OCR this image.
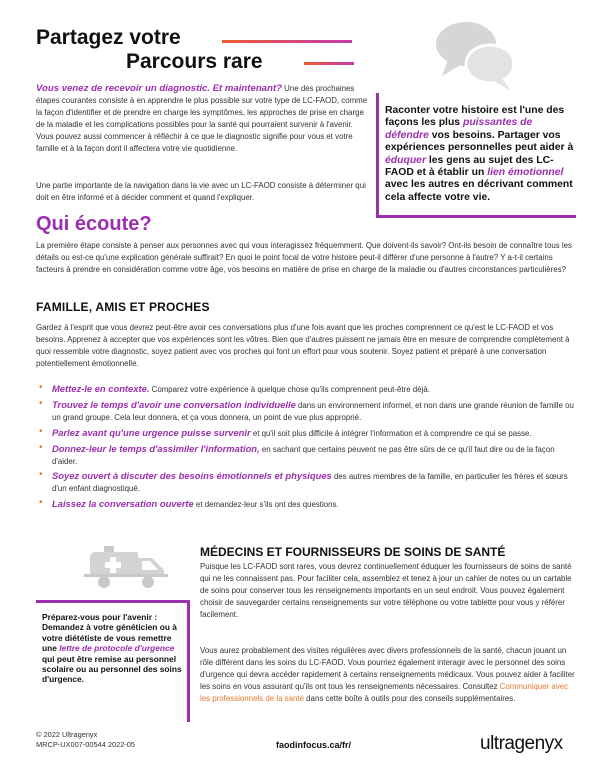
Partagez votre
Parcours rare
Vous venez de recevoir un diagnostic. Et maintenant? Une des prochaines étapes courantes consiste à en apprendre le plus possible sur votre type de LC-FAOD, comme la façon d'identifier et de prendre en charge les symptômes, les approches de prise en charge de la maladie et les complications possibles pour la santé qui pourraient survenir à l'avenir. Vous pouvez aussi commencer à réfléchir à ce que le diagnostic signifie pour vous et votre famille et à la façon dont il affectera votre vie quotidienne.
Une partie importante de la navigation dans la vie avec un LC-FAOD consiste à déterminer qui doit en être informé et à décider comment et quand l'expliquer.
Raconter votre histoire est l'une des façons les plus puissantes de défendre vos besoins. Partager vos expériences personnelles peut aider à éduquer les gens au sujet des LC-FAOD et à établir un lien émotionnel avec les autres en décrivant comment cela affecte votre vie.
Qui écoute?
La première étape consiste à penser aux personnes avec qui vous interagissez fréquemment. Que doivent-ils savoir? Ont-ils besoin de connaître tous les détails ou est-ce qu'une explication générale suffirait? En quoi le point focal de votre histoire peut-il différer d'une personne à l'autre? Y a-t-il certains facteurs à prendre en considération comme votre âge, vos besoins en matière de prise en charge de la maladie ou d'autres circonstances particulières?
FAMILLE, AMIS ET PROCHES
Gardez à l'esprit que vous devrez peut-être avoir ces conversations plus d'une fois avant que les proches comprennent ce qu'est le LC-FAOD et vos besoins. Apprenez à accepter que vos expériences sont les vôtres. Bien que d'autres puissent ne jamais être en mesure de comprendre complètement à quoi ressemble votre diagnostic, soyez patient avec vos proches qui font un effort pour vous soutenir. Soyez patient et préparé à une conversation potentiellement émotionnelle.
• Mettez-le en contexte. Comparez votre expérience à quelque chose qu'ils comprennent peut-être déjà.
• Trouvez le temps d'avoir une conversation individuelle dans un environnement informel, et non dans une grande réunion de famille ou un grand groupe. Cela leur donnera, et ça vous donnera, un point de vue plus approprié.
• Parlez avant qu'une urgence puisse survenir et qu'il soit plus difficile à intégrer l'information et à comprendre ce qui se passe.
• Donnez-leur le temps d'assimiler l'information, en sachant que certains peuvent ne pas être sûrs de ce qu'il faut dire ou de la façon d'aider.
• Soyez ouvert à discuter des besoins émotionnels et physiques des autres membres de la famille, en particulier les frères et sœurs d'un enfant diagnostiqué.
• Laissez la conversation ouverte et demandez-leur s'ils ont des questions.
MÉDECINS ET FOURNISSEURS DE SOINS DE SANTÉ
Puisque les LC-FAOD sont rares, vous devrez continuellement éduquer les fournisseurs de soins de santé qui ne les connaissent pas. Pour faciliter cela, assemblez et tenez à jour un cahier de notes ou un cartable de soins pour conserver tous les renseignements importants en un seul endroit. Vous pouvez également choisir de sauvegarder certains renseignements sur votre téléphone ou votre tablette pour vous y référer facilement.
Vous aurez probablement des visites régulières avec divers professionnels de la santé, chacun jouant un rôle différent dans les soins du LC-FAOD. Vous pourriez également interagir avec le personnel des soins d'urgence qui devra accéder rapidement à certains renseignements médicaux. Vous pouvez aider à faciliter les soins en vous assurant qu'ils ont tous les renseignements nécessaires. Consultez Communiquer avec les professionnels de la santé dans cette boîte à outils pour des conseils supplémentaires.
Préparez-vous pour l'avenir : Demandez à votre généticien ou à votre diététiste de vous remettre une lettre de protocole d'urgence qui peut être remise au personnel scolaire ou au personnel des soins d'urgence.
© 2022 Ultragenyx
MRCP-UX007-00544 2022-05	faodinfocus.ca/fr/	ultragenyx
